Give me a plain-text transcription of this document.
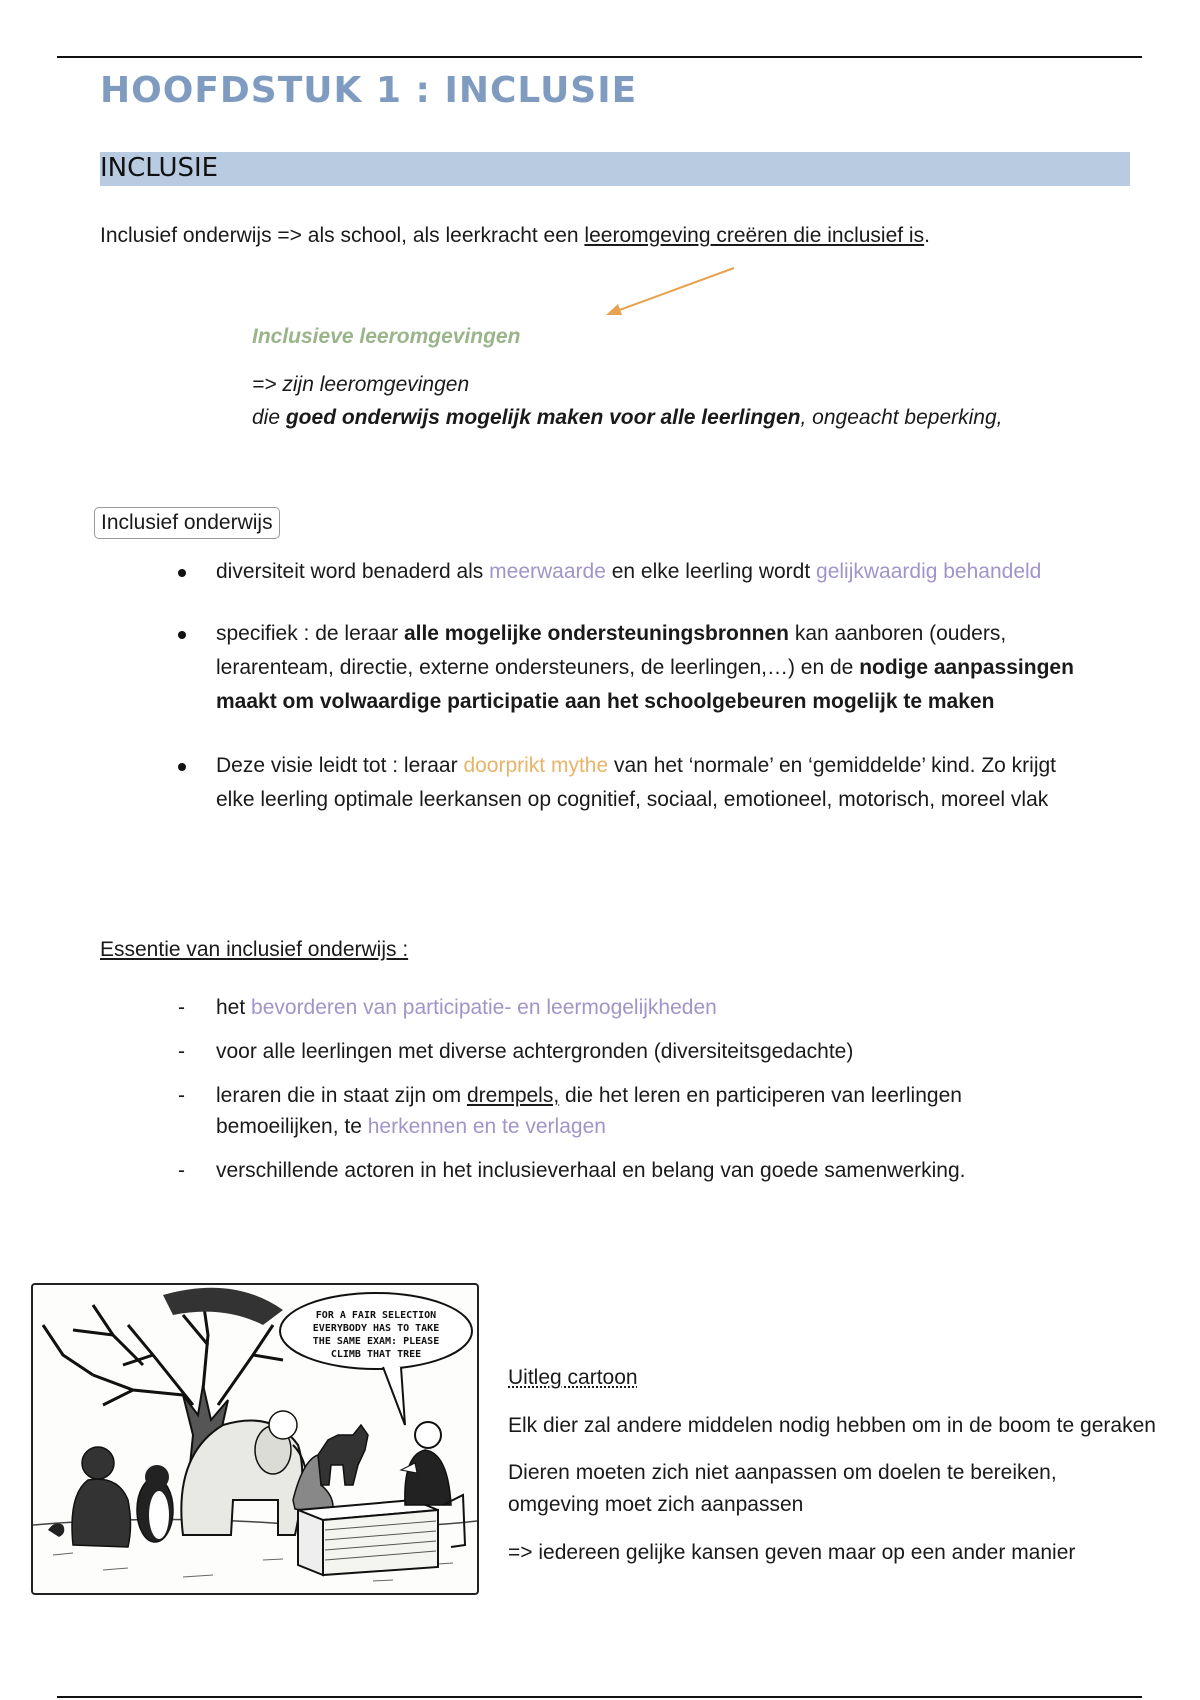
HOOFDSTUK 1 : INCLUSIE
INCLUSIE
Inclusief onderwijs => als school, als leerkracht een leeromgeving creëren die inclusief is.
Inclusieve leeromgevingen
=> zijn leeromgevingen
die goed onderwijs mogelijk maken voor alle leerlingen, ongeacht beperking,
Inclusief onderwijs
diversiteit word benaderd als meerwaarde en elke leerling wordt gelijkwaardig behandeld
specifiek : de leraar alle mogelijke ondersteuningsbronnen kan aanboren (ouders,
lerarenteam, directie, externe ondersteuners, de leerlingen,…) en de nodige aanpassingen
maakt om volwaardige participatie aan het schoolgebeuren mogelijk te maken
Deze visie leidt tot : leraar doorprikt mythe van het ‘normale’ en ‘gemiddelde’ kind. Zo krijgt
elke leerling optimale leerkansen op cognitief, sociaal, emotioneel, motorisch, moreel vlak
Essentie van inclusief onderwijs :
- het bevorderen van participatie- en leermogelijkheden
- voor alle leerlingen met diverse achtergronden (diversiteitsgedachte)
- leraren die in staat zijn om drempels, die het leren en participeren van leerlingen
bemoeilijken, te herkennen en te verlagen
- verschillende actoren in het inclusieverhaal en belang van goede samenwerking.
FOR A FAIR SELECTION
EVERYBODY HAS TO TAKE
THE SAME EXAM: PLEASE
CLIMB THAT TREE
Uitleg cartoon
Elk dier zal andere middelen nodig hebben om in de boom te geraken
Dieren moeten zich niet aanpassen om doelen te bereiken,
omgeving moet zich aanpassen
=> iedereen gelijke kansen geven maar op een ander manier
